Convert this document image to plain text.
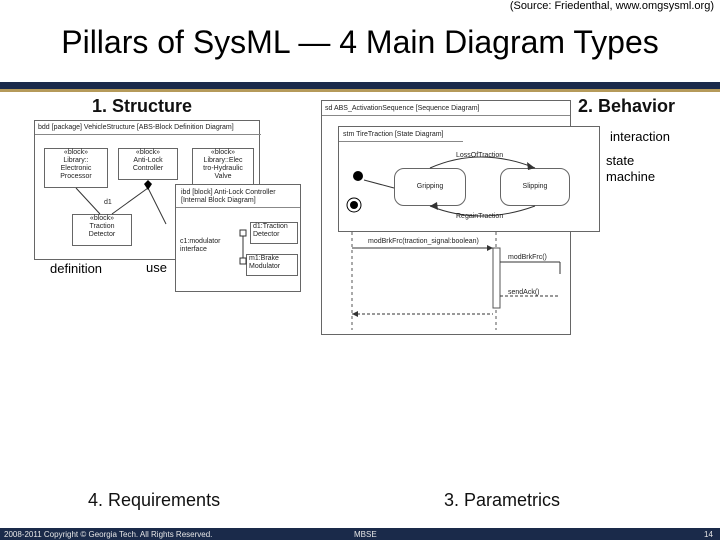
(Source: Friedenthal, www.omgsysml.org)
Pillars of SysML — 4 Main Diagram Types
1. Structure	2. Behavior
3. Parametrics
4. Requirements
bdd [package] VehicleStructure [ABS-Block Definition Diagram]
«block»
Library::
Electronic
Processor
«block»
Anti-Lock
Controller
«block»
Library::Elec
tro-Hydraulic
Valve
«block»
Traction
Detector
d1
ibd [block] Anti-Lock Controller
[Internal Block Diagram]
d1:Traction
Detector
m1:Brake
Modulator
c1:modulator
interface
definition	use
sd ABS_ActivationSequence [Sequence Diagram]
modBrkFrc(traction_signal:boolean)
modBrkFrc()
sendAck()
stm TireTraction [State Diagram]
Gripping	Slipping
LossOfTraction
RegainTraction
interaction
state
machine
2008-2011 Copyright © Georgia Tech. All Rights Reserved.	MBSE	14
